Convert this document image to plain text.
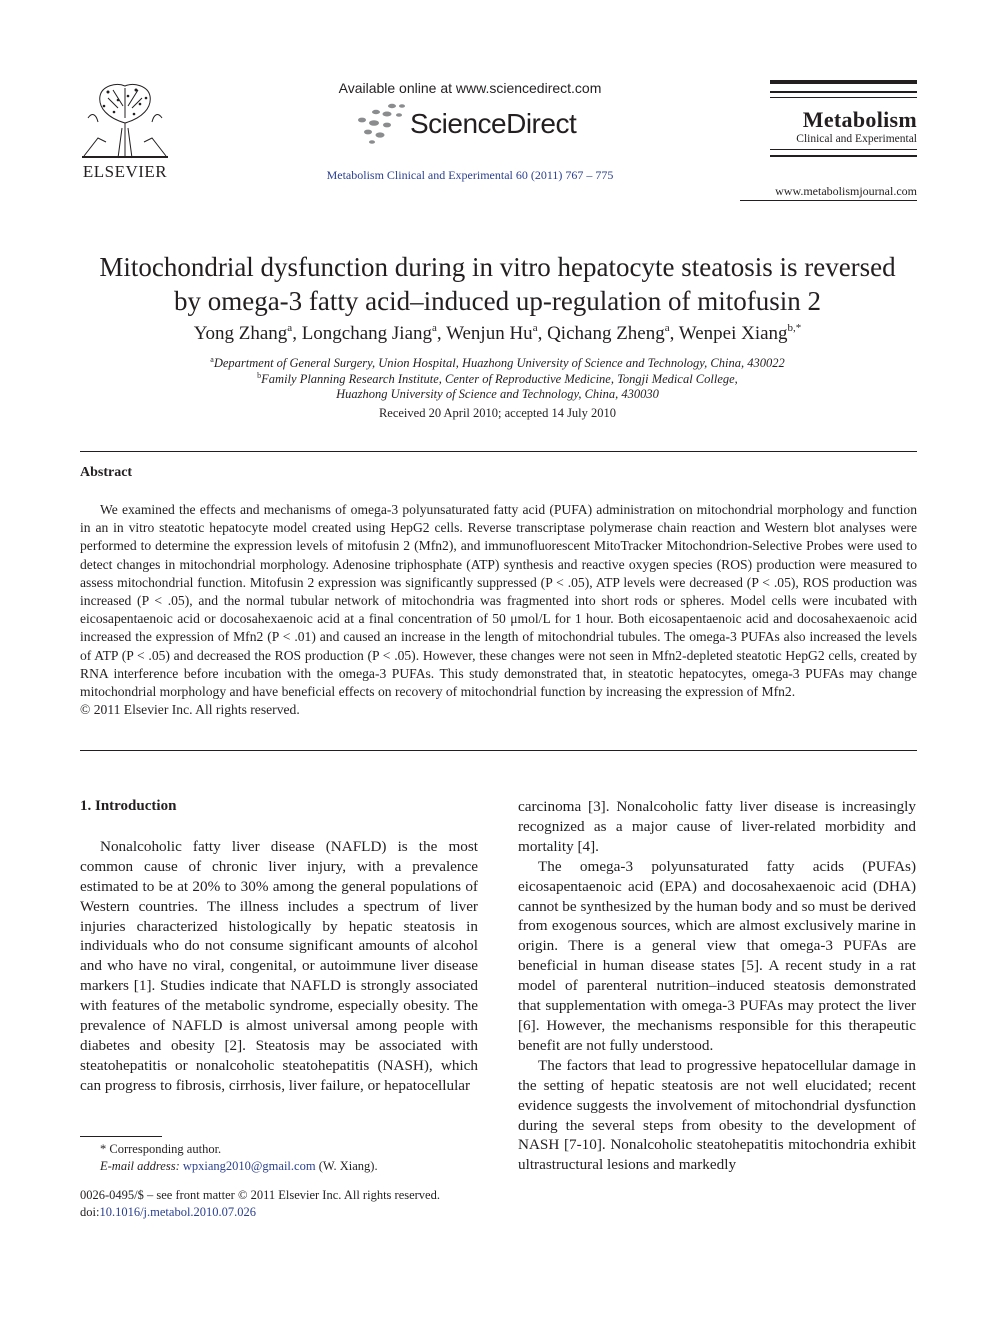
ELSEVIER
Available online at www.sciencedirect.com
ScienceDirect
Metabolism Clinical and Experimental 60 (2011) 767 – 775
Metabolism
Clinical and Experimental
www.metabolismjournal.com
Mitochondrial dysfunction during in vitro hepatocyte steatosis is reversed
by omega-3 fatty acid–induced up-regulation of mitofusin 2
Yong Zhang$^a$, Longchang Jiang$^a$, Wenjun Hu$^a$, Qichang Zheng$^a$, Wenpei Xiang$^{b,*}$
$^a$Department of General Surgery, Union Hospital, Huazhong University of Science and Technology, China, 430022
$^b$Family Planning Research Institute, Center of Reproductive Medicine, Tongji Medical College,
Huazhong University of Science and Technology, China, 430030
Received 20 April 2010; accepted 14 July 2010
Abstract

We examined the effects and mechanisms of omega-3 polyunsaturated fatty acid (PUFA) administration on mitochondrial morphology and function in an in vitro steatotic hepatocyte model created using HepG2 cells. Reverse transcriptase polymerase chain reaction and Western blot analyses were performed to determine the expression levels of mitofusin 2 (Mfn2), and immunofluorescent MitoTracker Mitochondrion-Selective Probes were used to detect changes in mitochondrial morphology. Adenosine triphosphate (ATP) synthesis and reactive oxygen species (ROS) production were measured to assess mitochondrial function. Mitofusin 2 expression was significantly suppressed (P < .05), ATP levels were decreased (P < .05), ROS production was increased (P < .05), and the normal tubular network of mitochondria was fragmented into short rods or spheres. Model cells were incubated with eicosapentaenoic acid or docosahexaenoic acid at a final concentration of 50 μmol/L for 1 hour. Both eicosapentaenoic acid and docosahexaenoic acid increased the expression of Mfn2 (P < .01) and caused an increase in the length of mitochondrial tubules. The omega-3 PUFAs also increased the levels of ATP (P < .05) and decreased the ROS production (P < .05). However, these changes were not seen in Mfn2-depleted steatotic HepG2 cells, created by RNA interference before incubation with the omega-3 PUFAs. This study demonstrated that, in steatotic hepatocytes, omega-3 PUFAs may change mitochondrial morphology and have beneficial effects on recovery of mitochondrial function by increasing the expression of Mfn2.

© 2011 Elsevier Inc. All rights reserved.

1. Introduction

Nonalcoholic fatty liver disease (NAFLD) is the most common cause of chronic liver injury, with a prevalence estimated to be at 20% to 30% among the general populations of Western countries. The illness includes a spectrum of liver injuries characterized histologically by hepatic steatosis in individuals who do not consume significant amounts of alcohol and who have no viral, congenital, or autoimmune liver disease markers [1]. Studies indicate that NAFLD is strongly associated with features of the metabolic syndrome, especially obesity. The prevalence of NAFLD is almost universal among people with diabetes and obesity [2]. Steatosis may be associated with steatohepatitis or nonalcoholic steatohepatitis (NASH), which can progress to fibrosis, cirrhosis, liver failure, or hepatocellular

carcinoma [3]. Nonalcoholic fatty liver disease is increasingly recognized as a major cause of liver-related morbidity and mortality [4].

The omega-3 polyunsaturated fatty acids (PUFAs) eicosapentaenoic acid (EPA) and docosahexaenoic acid (DHA) cannot be synthesized by the human body and so must be derived from exogenous sources, which are almost exclusively marine in origin. There is a general view that omega-3 PUFAs are beneficial in human disease states [5]. A recent study in a rat model of parenteral nutrition–induced steatosis demonstrated that supplementation with omega-3 PUFAs may protect the liver [6]. However, the mechanisms responsible for this therapeutic benefit are not fully understood.

The factors that lead to progressive hepatocellular damage in the setting of hepatic steatosis are not well elucidated; recent evidence suggests the involvement of mitochondrial dysfunction during the several steps from obesity to the development of NASH [7-10]. Nonalcoholic steatohepatitis mitochondria exhibit ultrastructural lesions and markedly

* Corresponding author.
E-mail address: wpxiang2010@gmail.com (W. Xiang).
0026-0495/$ – see front matter © 2011 Elsevier Inc. All rights reserved.
doi:10.1016/j.metabol.2010.07.026
